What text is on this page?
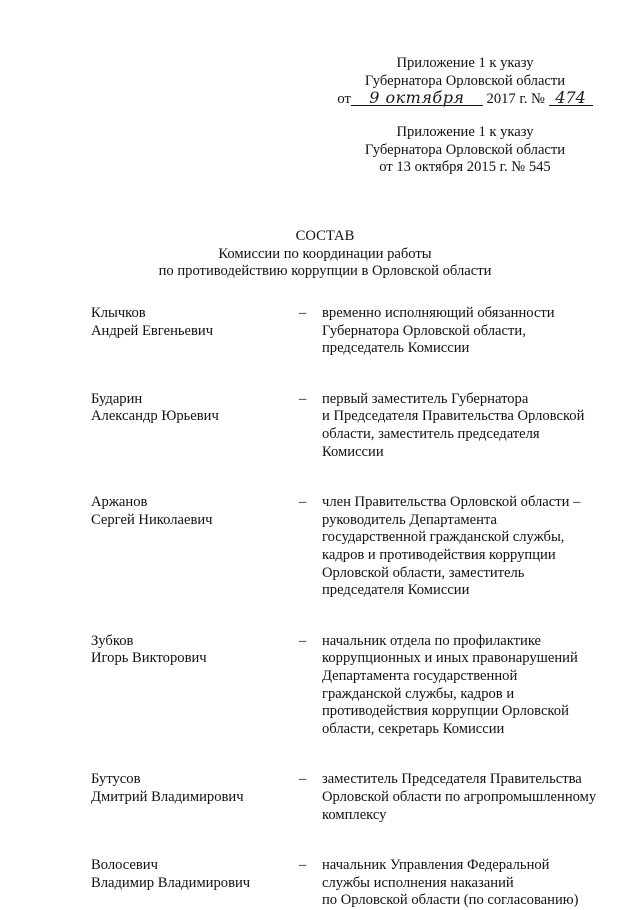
Приложение 1 к указу
Губернатора Орловской области
от 9 октября 2017 г. № 474
Приложение 1 к указу
Губернатора Орловской области
от 13 октября 2015 г. № 545
СОСТАВ
Комиссии по координации работы
по противодействию коррупции в Орловской области
Клычков
Андрей Евгеньевич
– временно исполняющий обязанности
Губернатора Орловской области,
председатель Комиссии
Бударин
Александр Юрьевич
– первый заместитель Губернатора
и Председателя Правительства Орловской
области, заместитель председателя
Комиссии
Аржанов
Сергей Николаевич
– член Правительства Орловской области –
руководитель Департамента
государственной гражданской службы,
кадров и противодействия коррупции
Орловской области, заместитель
председателя Комиссии
Зубков
Игорь Викторович
– начальник отдела по профилактике
коррупционных и иных правонарушений
Департамента государственной
гражданской службы, кадров и
противодействия коррупции Орловской
области, секретарь Комиссии
Бутусов
Дмитрий Владимирович
– заместитель Председателя Правительства
Орловской области по агропромышленному
комплексу
Волосевич
Владимир Владимирович
– начальник Управления Федеральной
службы исполнения наказаний
по Орловской области (по согласованию)
